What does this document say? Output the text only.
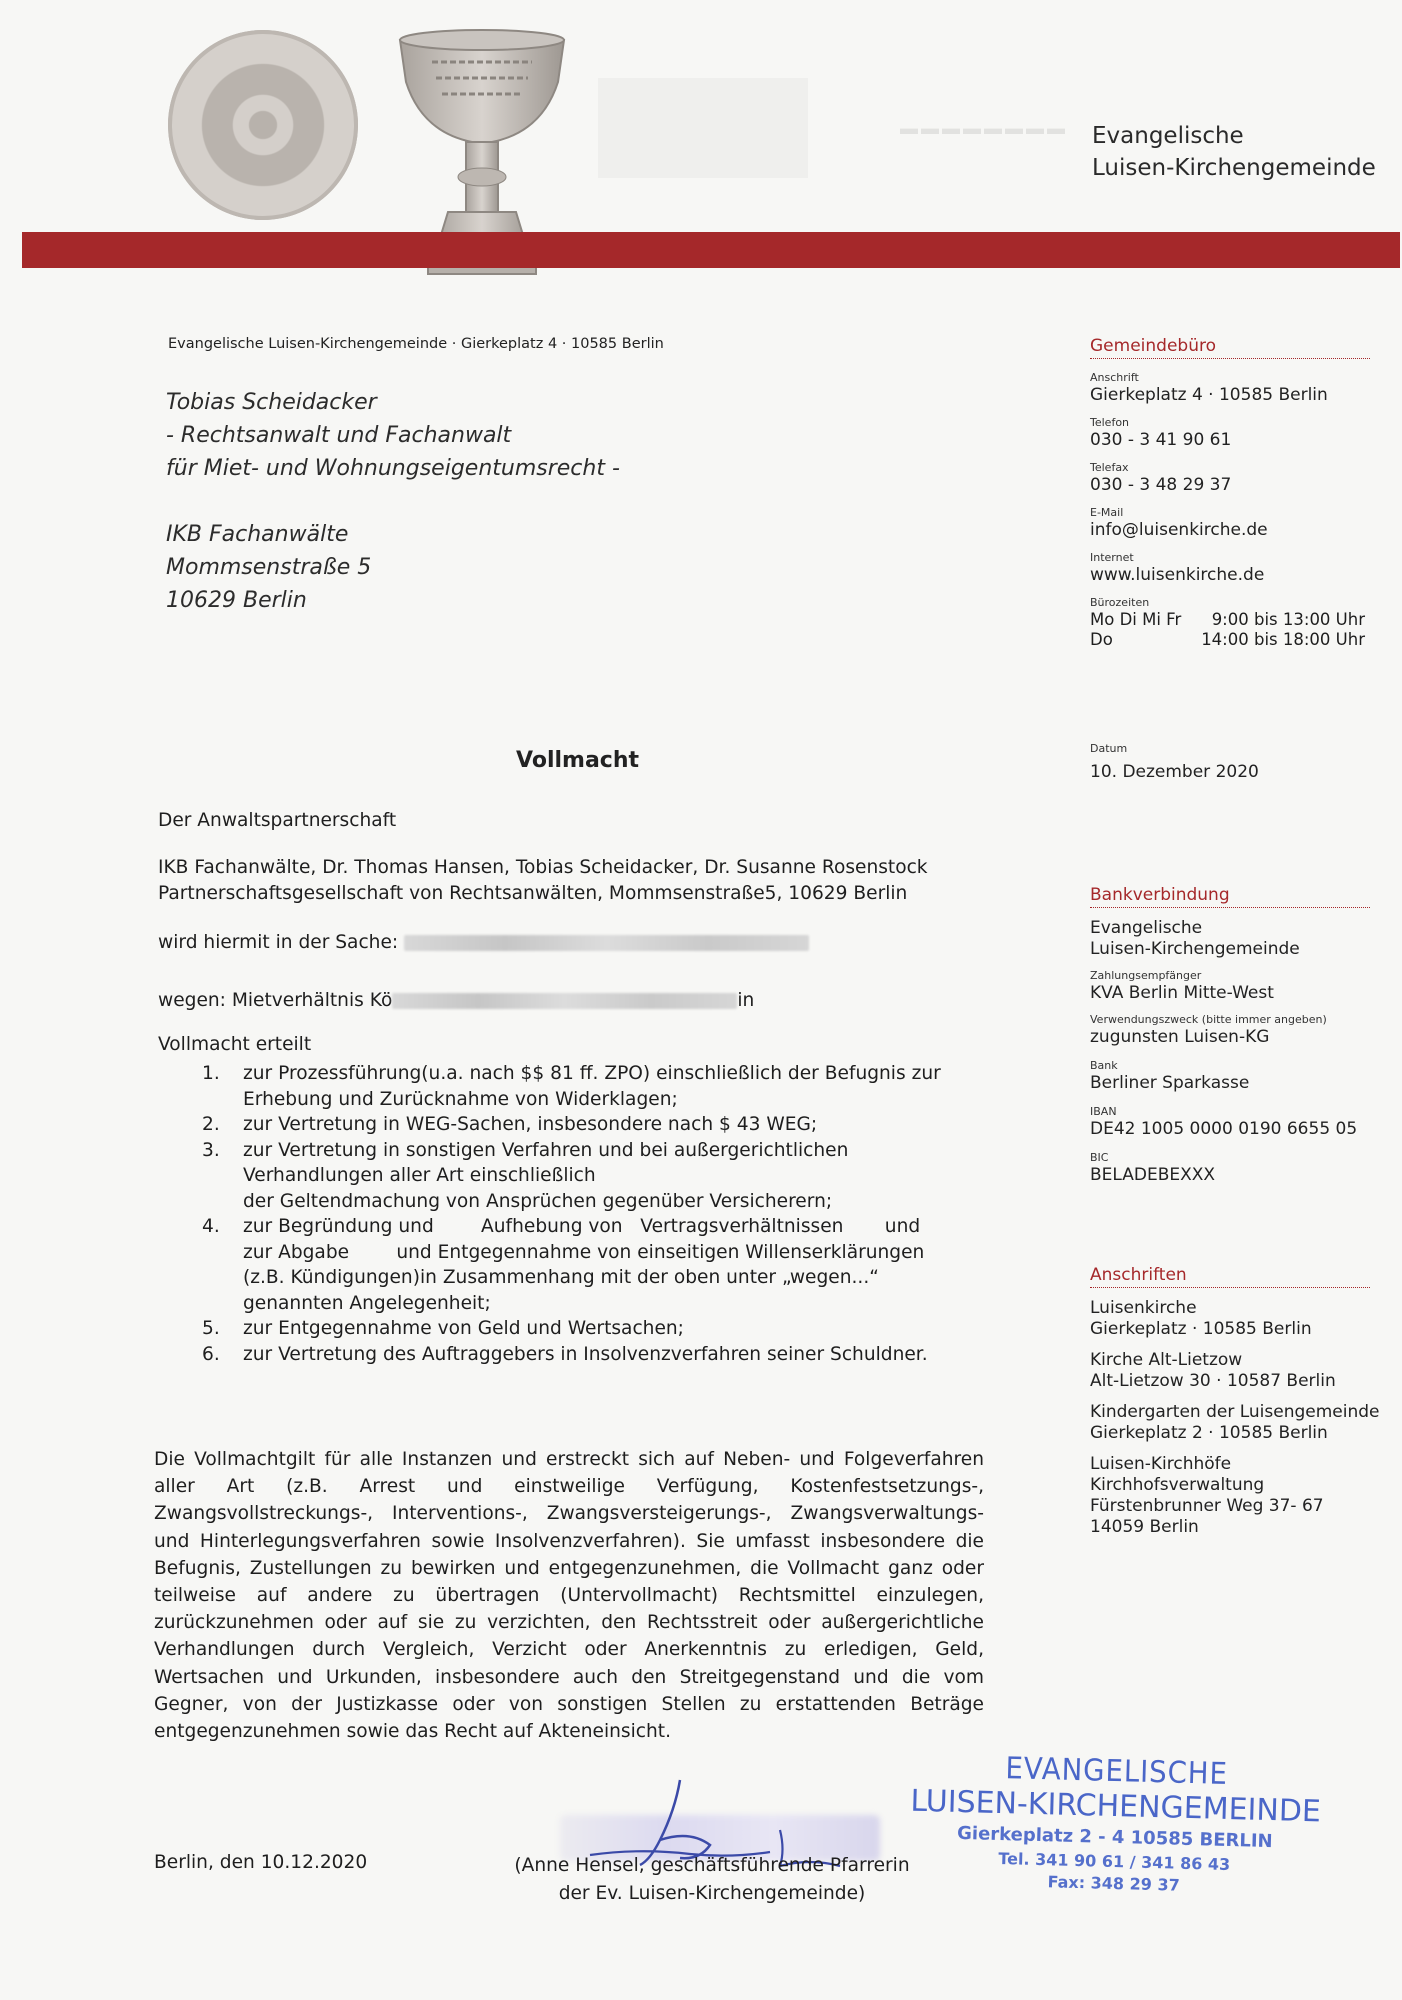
▬▬▬▬▬▬▬▬ Evangelische
Luisen-Kirchengemeinde
Evangelische Luisen-Kirchengemeinde · Gierkeplatz 4 · 10585 Berlin
Tobias Scheidacker
- Rechtsanwalt und Fachanwalt
für Miet- und Wohnungseigentumsrecht -
IKB Fachanwälte
Mommsenstraße 5
10629 Berlin
Gemeindebüro
Anschrift
Gierkeplatz 4 · 10585 Berlin
Telefon
030 - 3 41 90 61
Telefax
030 - 3 48 29 37
E-Mail
info@luisenkirche.de
Internet
www.luisenkirche.de
Bürozeiten
Mo Di Mi Fr 9:00 bis 13:00 Uhr
Do	14:00 bis 18:00 Uhr
Datum
10. Dezember 2020
Bankverbindung
Evangelische
Luisen-Kirchengemeinde
Zahlungsempfänger
KVA Berlin Mitte-West
Verwendungszweck (bitte immer angeben)
zugunsten Luisen-KG
Bank
Berliner Sparkasse
IBAN
DE42 1005 0000 0190 6655 05
BIC
BELADEBEXXX
Anschriften
Luisenkirche
Gierkeplatz · 10585 Berlin
Kirche Alt-Lietzow
Alt-Lietzow 30 · 10587 Berlin
Kindergarten der Luisengemeinde
Gierkeplatz 2 · 10585 Berlin
Luisen-Kirchhöfe
Kirchhofsverwaltung
Fürstenbrunner Weg 37- 67
14059 Berlin
Vollmacht
Der Anwaltspartnerschaft
IKB Fachanwälte, Dr. Thomas Hansen, Tobias Scheidacker, Dr. Susanne Rosenstock
Partnerschaftsgesellschaft von Rechtsanwälten, Mommsenstraße5, 10629 Berlin
wird hiermit in der Sache:
wegen: Mietverhältnis Kö	in
Vollmacht erteilt
1. zur Prozessführung(u.a. nach $$ 81 ff. ZPO) einschließlich der Befugnis zur
Erhebung und Zurücknahme von Widerklagen;
2. zur Vertretung in WEG-Sachen, insbesondere nach $ 43 WEG;
3. zur Vertretung in sonstigen Verfahren und bei außergerichtlichen
Verhandlungen aller Art einschließlich
der Geltendmachung von Ansprüchen gegenüber Versicherern;
4. zur Begründung und        Aufhebung von   Vertragsverhältnissen       und
zur Abgabe        und Entgegennahme von einseitigen Willenserklärungen
(z.B. Kündigungen)in Zusammenhang mit der oben unter „wegen...“
genannten Angelegenheit;
5. zur Entgegennahme von Geld und Wertsachen;
6. zur Vertretung des Auftraggebers in Insolvenzverfahren seiner Schuldner.
Die Vollmachtgilt für alle Instanzen und erstreckt sich auf Neben- und Folgeverfahren aller Art (z.B. Arrest und einstweilige Verfügung, Kostenfestsetzungs-, Zwangsvollstreckungs-, Interventions-, Zwangsversteigerungs-, Zwangsverwaltungs- und Hinterlegungsverfahren sowie Insolvenzverfahren). Sie umfasst insbesondere die Befugnis, Zustellungen zu bewirken und entgegenzunehmen, die Vollmacht ganz oder teilweise auf andere zu übertragen (Untervollmacht) Rechtsmittel einzulegen, zurückzunehmen oder auf sie zu verzichten, den Rechtsstreit oder außergerichtliche Verhandlungen durch Vergleich, Verzicht oder Anerkenntnis zu erledigen, Geld, Wertsachen und Urkunden, insbesondere auch den Streitgegenstand und die vom Gegner, von der Justizkasse oder von sonstigen Stellen zu erstattenden Beträge entgegenzunehmen sowie das Recht auf Akteneinsicht.
Berlin, den 10.12.2020	(Anne Hensel, geschäftsführende Pfarrerin
der Ev. Luisen-Kirchengemeinde)
EVANGELISCHE
LUISEN-KIRCHENGEMEINDE
Gierkeplatz 2 - 4 10585 BERLIN
Tel. 341 90 61 / 341 86 43
Fax: 348 29 37
